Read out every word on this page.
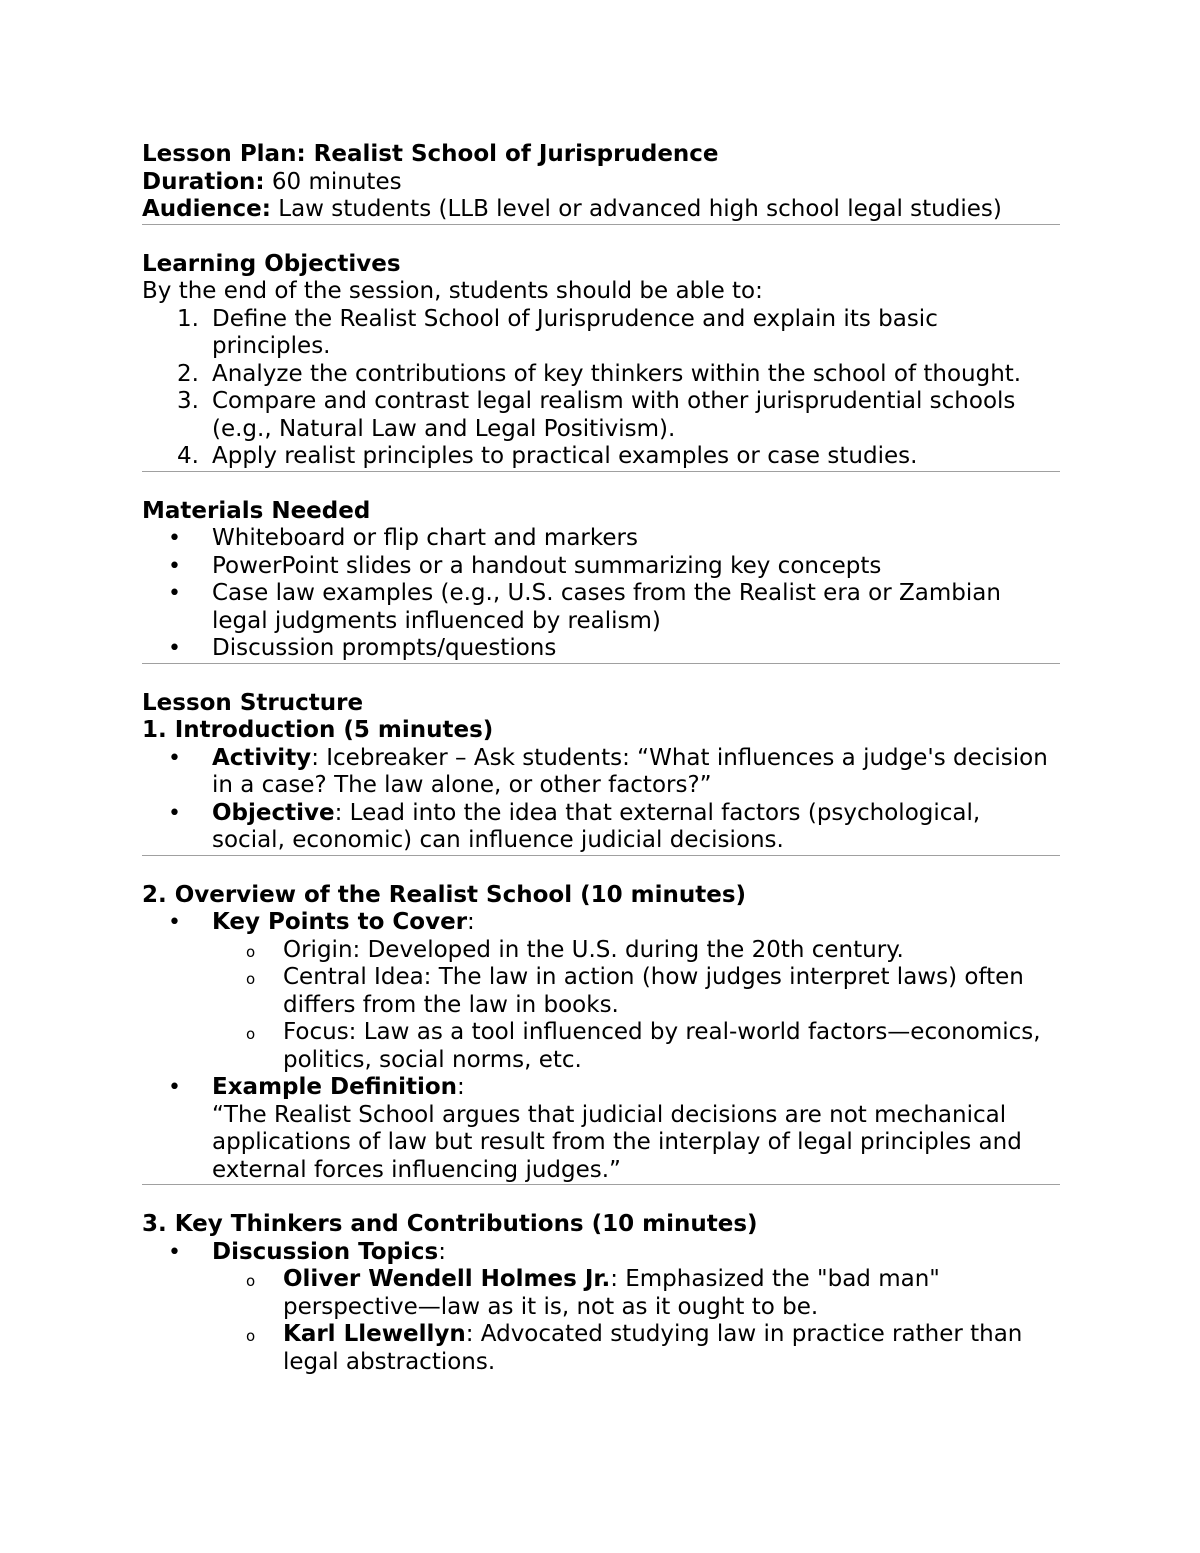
Lesson Plan: Realist School of Jurisprudence
Duration: 60 minutes
Audience: Law students (LLB level or advanced high school legal studies)
Learning Objectives
By the end of the session, students should be able to:
1. Define the Realist School of Jurisprudence and explain its basic principles.
2. Analyze the contributions of key thinkers within the school of thought.
3. Compare and contrast legal realism with other jurisprudential schools (e.g., Natural Law and Legal Positivism).
4. Apply realist principles to practical examples or case studies.
Materials Needed
• Whiteboard or flip chart and markers
• PowerPoint slides or a handout summarizing key concepts
• Case law examples (e.g., U.S. cases from the Realist era or Zambian legal judgments influenced by realism)
• Discussion prompts/questions
Lesson Structure
1. Introduction (5 minutes)
• Activity: Icebreaker – Ask students: “What influences a judge's decision in a case? The law alone, or other factors?”
• Objective: Lead into the idea that external factors (psychological, social, economic) can influence judicial decisions.
2. Overview of the Realist School (10 minutes)
• Key Points to Cover:
o Origin: Developed in the U.S. during the 20th century.
o Central Idea: The law in action (how judges interpret laws) often differs from the law in books.
o Focus: Law as a tool influenced by real-world factors—economics, politics, social norms, etc.
• Example Definition:
“The Realist School argues that judicial decisions are not mechanical applications of law but result from the interplay of legal principles and external forces influencing judges.”
3. Key Thinkers and Contributions (10 minutes)
• Discussion Topics:
o Oliver Wendell Holmes Jr.: Emphasized the "bad man" perspective—law as it is, not as it ought to be.
o Karl Llewellyn: Advocated studying law in practice rather than legal abstractions.
